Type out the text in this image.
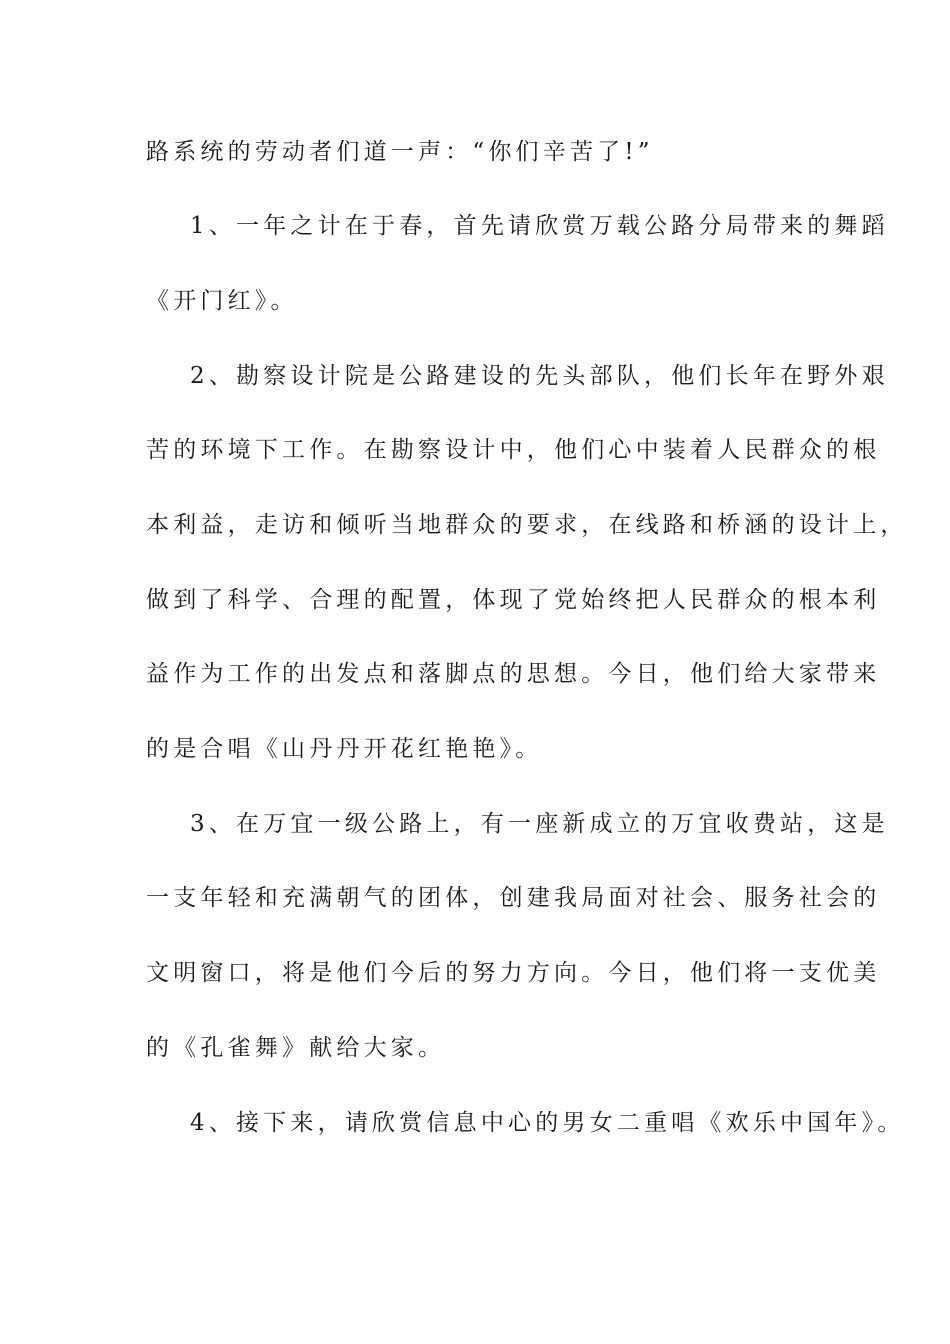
路系统的劳动者们道一声：“你们辛苦了!”
1、一年之计在于春，首先请欣赏万载公路分局带来的舞蹈
《开门红》。
2、勘察设计院是公路建设的先头部队，他们长年在野外艰
苦的环境下工作。在勘察设计中，他们心中装着人民群众的根
本利益，走访和倾听当地群众的要求，在线路和桥涵的设计上，
做到了科学、合理的配置，体现了党始终把人民群众的根本利
益作为工作的出发点和落脚点的思想。今日，他们给大家带来
的是合唱《山丹丹开花红艳艳》。
3、在万宜一级公路上，有一座新成立的万宜收费站，这是
一支年轻和充满朝气的团体，创建我局面对社会、服务社会的
文明窗口，将是他们今后的努力方向。今日，他们将一支优美
的《孔雀舞》献给大家。
4、接下来，请欣赏信息中心的男女二重唱《欢乐中国年》。
